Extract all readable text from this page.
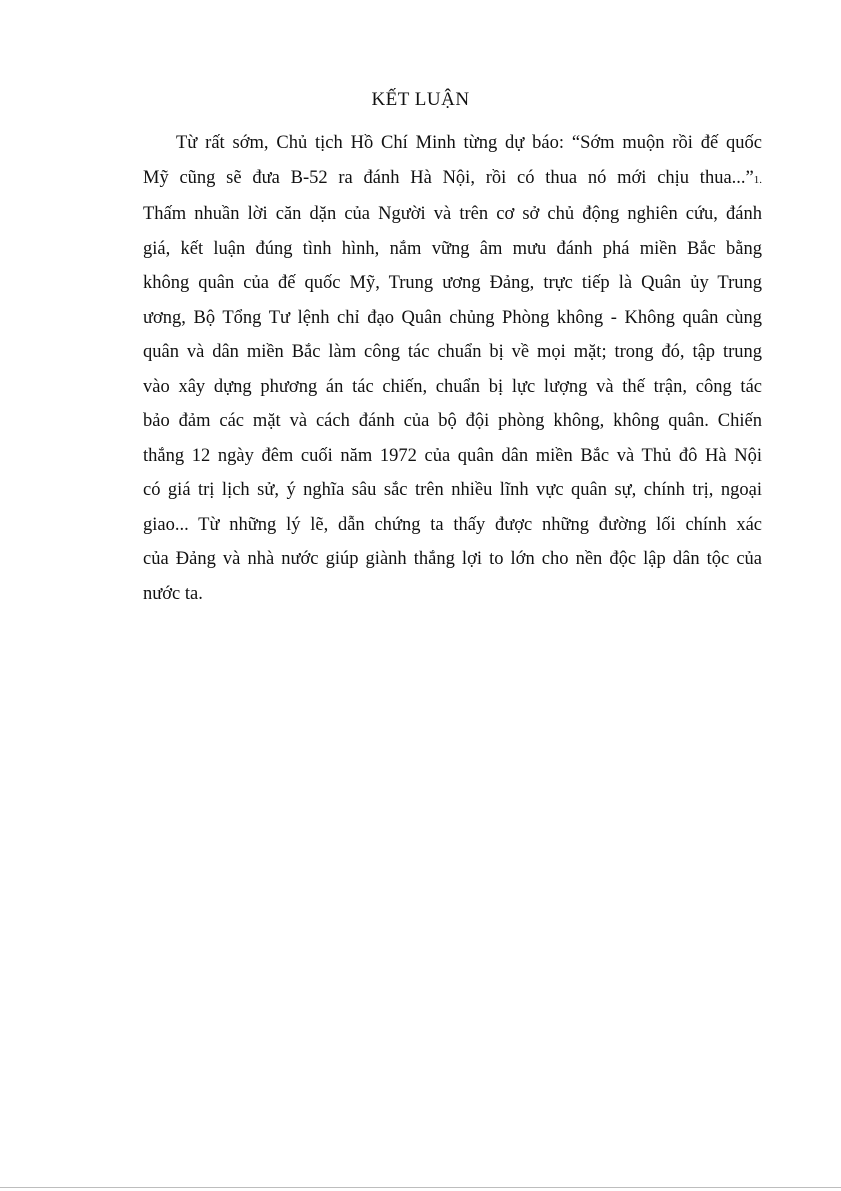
KẾT LUẬN
Từ rất sớm, Chủ tịch Hồ Chí Minh từng dự báo: “Sớm muộn rồi đế quốc
Mỹ cũng sẽ đưa B-52 ra đánh Hà Nội, rồi có thua nó mới chịu thua...”1.
Thấm nhuần lời căn dặn của Người và trên cơ sở chủ động nghiên cứu, đánh
giá, kết luận đúng tình hình, nắm vững âm mưu đánh phá miền Bắc bằng
không quân của đế quốc Mỹ, Trung ương Đảng, trực tiếp là Quân ủy Trung
ương, Bộ Tổng Tư lệnh chỉ đạo Quân chủng Phòng không - Không quân cùng
quân và dân miền Bắc làm công tác chuẩn bị về mọi mặt; trong đó, tập trung
vào xây dựng phương án tác chiến, chuẩn bị lực lượng và thế trận, công tác
bảo đảm các mặt và cách đánh của bộ đội phòng không, không quân. Chiến
thắng 12 ngày đêm cuối năm 1972 của quân dân miền Bắc và Thủ đô Hà Nội
có giá trị lịch sử, ý nghĩa sâu sắc trên nhiều lĩnh vực quân sự, chính trị, ngoại
giao... Từ những lý lẽ, dẫn chứng ta thấy được những đường lối chính xác
của Đảng và nhà nước giúp giành thắng lợi to lớn cho nền độc lập dân tộc của
nước ta.
